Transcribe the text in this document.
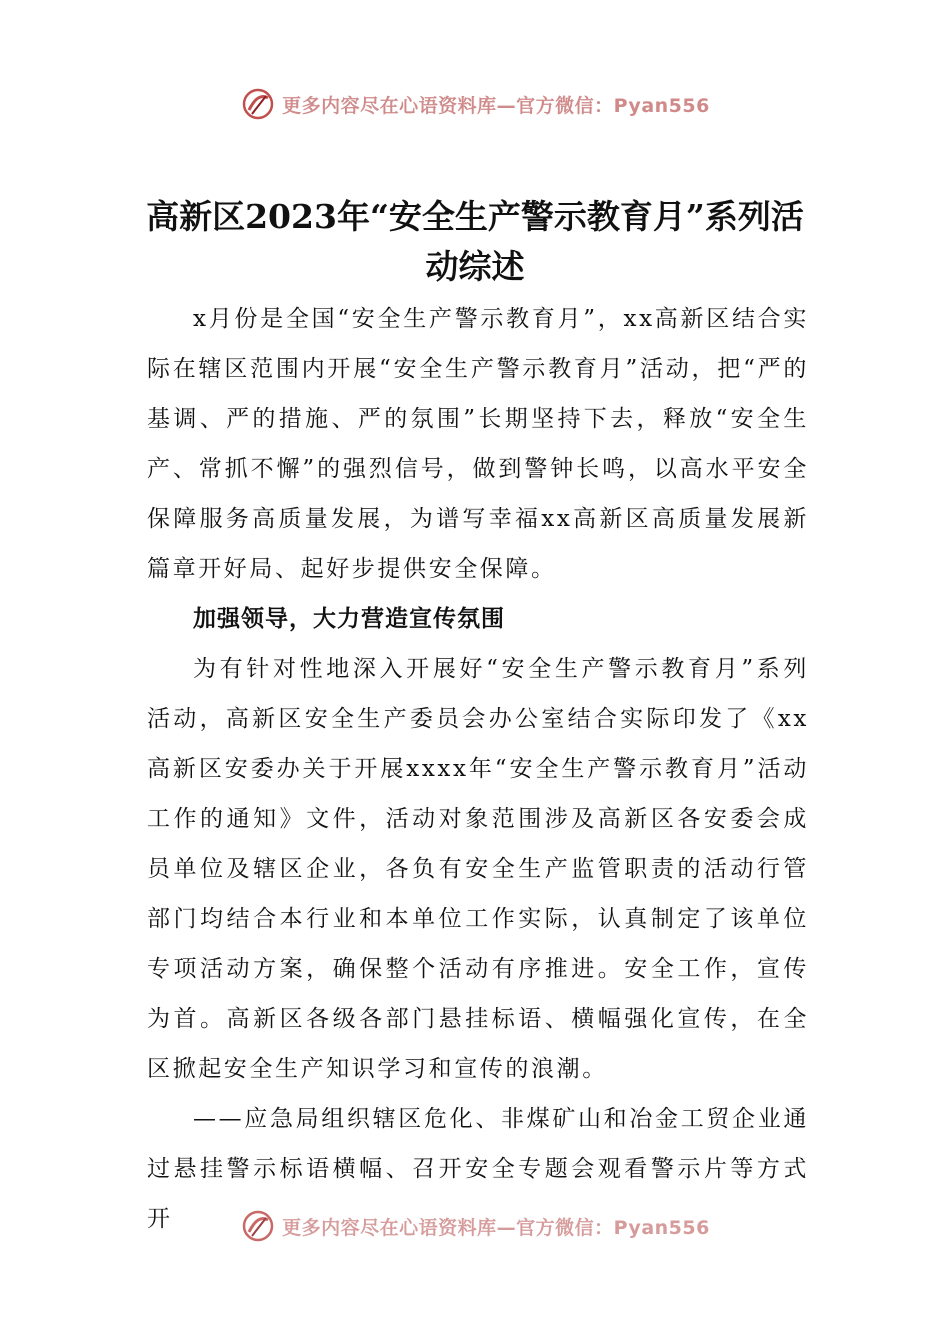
更多内容尽在心语资料库—官方微信：Pyan556
高新区2023年“安全生产警示教育月”系列活动综述

x月份是全国“安全生产警示教育月”，xx高新区结合实际在辖区范围内开展“安全生产警示教育月”活动，把“严的基调、严的措施、严的氛围”长期坚持下去，释放“安全生产、常抓不懈”的强烈信号，做到警钟长鸣，以高水平安全保障服务高质量发展，为谱写幸福xx高新区高质量发展新篇章开好局、起好步提供安全保障。

加强领导，大力营造宣传氛围

为有针对性地深入开展好“安全生产警示教育月”系列活动，高新区安全生产委员会办公室结合实际印发了《xx高新区安委办关于开展xxxx年“安全生产警示教育月”活动工作的通知》文件，活动对象范围涉及高新区各安委会成员单位及辖区企业，各负有安全生产监管职责的活动行管部门均结合本行业和本单位工作实际，认真制定了该单位专项活动方案，确保整个活动有序推进。安全工作，宣传为首。高新区各级各部门悬挂标语、横幅强化宣传，在全区掀起安全生产知识学习和宣传的浪潮。

——应急局组织辖区危化、非煤矿山和冶金工贸企业通过悬挂警示标语横幅、召开安全专题会观看警示片等方式开	更多内容尽在心语资料库—官方微信：Pyan556
